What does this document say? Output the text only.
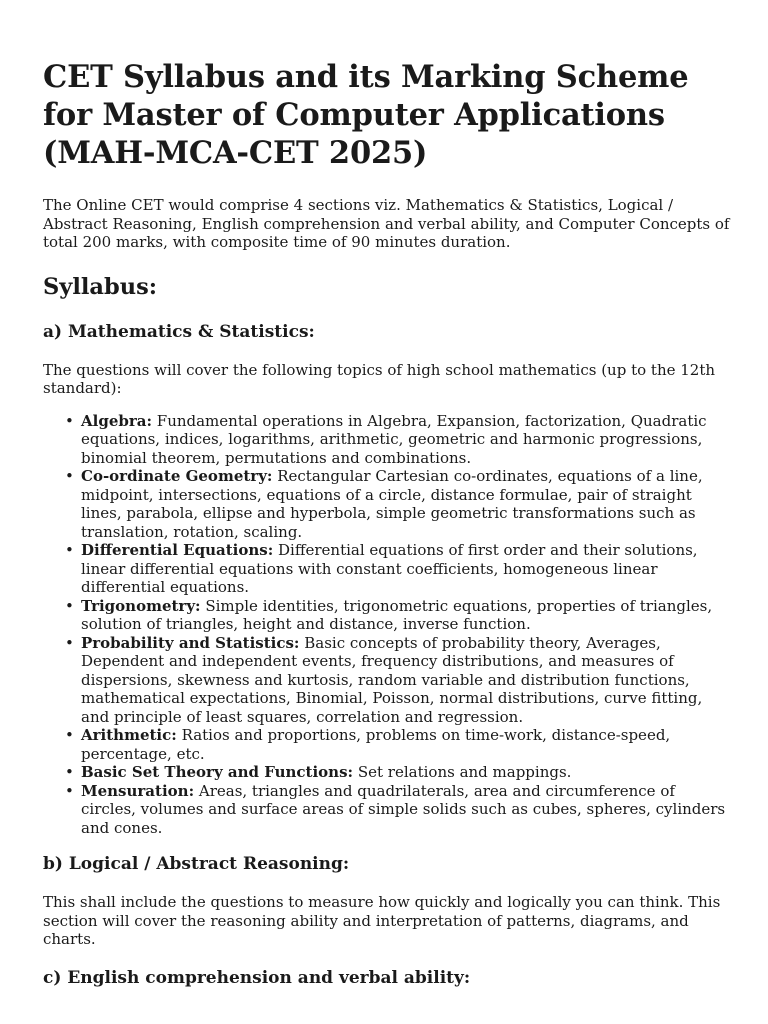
CET Syllabus and its Marking Scheme for Master of Computer Applications (MAH-MCA-CET 2025)

The Online CET would comprise 4 sections viz. Mathematics & Statistics, Logical / Abstract Reasoning, English comprehension and verbal ability, and Computer Concepts of total 200 marks, with composite time of 90 minutes duration.

Syllabus:
a) Mathematics & Statistics:

The questions will cover the following topics of high school mathematics (up to the 12th standard):

• Algebra: Fundamental operations in Algebra, Expansion, factorization, Quadratic equations, indices, logarithms, arithmetic, geometric and harmonic progressions, binomial theorem, permutations and combinations.
• Co-ordinate Geometry: Rectangular Cartesian co-ordinates, equations of a line, midpoint, intersections, equations of a circle, distance formulae, pair of straight lines, parabola, ellipse and hyperbola, simple geometric transformations such as translation, rotation, scaling.
• Differential Equations: Differential equations of first order and their solutions, linear differential equations with constant coefficients, homogeneous linear differential equations.
• Trigonometry: Simple identities, trigonometric equations, properties of triangles, solution of triangles, height and distance, inverse function.
• Probability and Statistics: Basic concepts of probability theory, Averages, Dependent and independent events, frequency distributions, and measures of dispersions, skewness and kurtosis, random variable and distribution functions, mathematical expectations, Binomial, Poisson, normal distributions, curve fitting, and principle of least squares, correlation and regression.
• Arithmetic: Ratios and proportions, problems on time-work, distance-speed, percentage, etc.
• Basic Set Theory and Functions: Set relations and mappings.
• Mensuration: Areas, triangles and quadrilaterals, area and circumference of circles, volumes and surface areas of simple solids such as cubes, spheres, cylinders and cones.
b) Logical / Abstract Reasoning:

This shall include the questions to measure how quickly and logically you can think. This section will cover the reasoning ability and interpretation of patterns, diagrams, and charts.

c) English comprehension and verbal ability:
